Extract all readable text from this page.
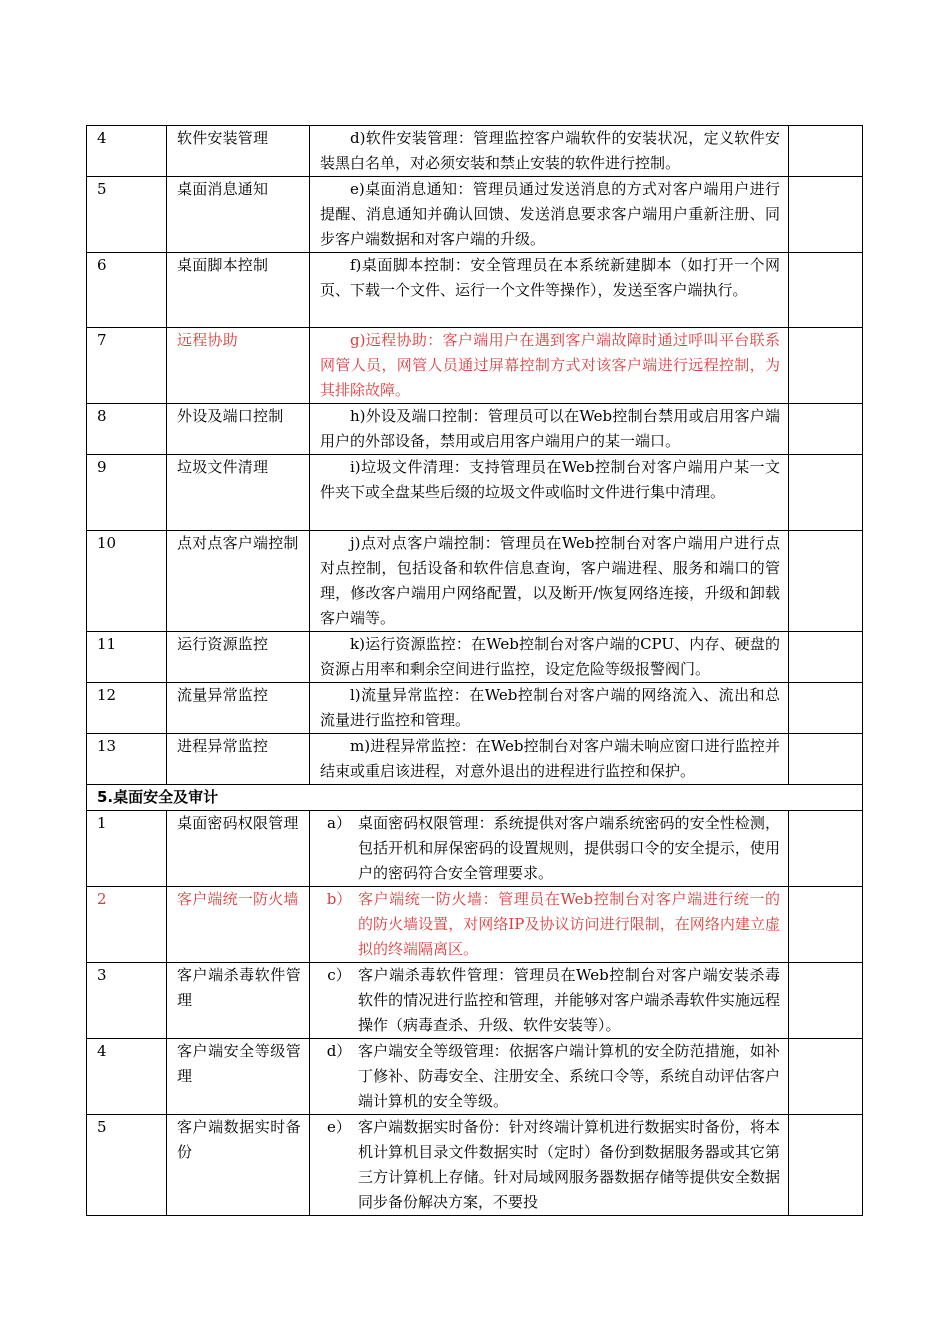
4	软件安装管理	d)软件安装管理：管理监控客户端软件的安装状况，定义软件安装黑白名单，对必须安装和禁止安装的软件进行控制。	
5	桌面消息通知	e)桌面消息通知：管理员通过发送消息的方式对客户端用户进行提醒、消息通知并确认回馈、发送消息要求客户端用户重新注册、同步客户端数据和对客户端的升级。	
6	桌面脚本控制	f)桌面脚本控制：安全管理员在本系统新建脚本（如打开一个网页、下载一个文件、运行一个文件等操作），发送至客户端执行。	
7	远程协助	g)远程协助：客户端用户在遇到客户端故障时通过呼叫平台联系网管人员，网管人员通过屏幕控制方式对该客户端进行远程控制，为其排除故障。	
8	外设及端口控制	h)外设及端口控制：管理员可以在Web控制台禁用或启用客户端用户的外部设备，禁用或启用客户端用户的某一端口。	
9	垃圾文件清理	i)垃圾文件清理：支持管理员在Web控制台对客户端用户某一文件夹下或全盘某些后缀的垃圾文件或临时文件进行集中清理。	
10	点对点客户端控制	j)点对点客户端控制：管理员在Web控制台对客户端用户进行点对点控制，包括设备和软件信息查询，客户端进程、服务和端口的管理，修改客户端用户网络配置，以及断开/恢复网络连接，升级和卸载客户端等。	
11	运行资源监控	k)运行资源监控：在Web控制台对客户端的CPU、内存、硬盘的资源占用率和剩余空间进行监控，设定危险等级报警阀门。	
12	流量异常监控	l)流量异常监控：在Web控制台对客户端的网络流入、流出和总流量进行监控和管理。	
13	进程异常监控	m)进程异常监控：在Web控制台对客户端未响应窗口进行监控并结束或重启该进程，对意外退出的进程进行监控和保护。	
5.桌面安全及审计			
1	桌面密码权限管理	a） 桌面密码权限管理：系统提供对客户端系统密码的安全性检测，包括开机和屏保密码的设置规则，提供弱口令的安全提示，使用户的密码符合安全管理要求。	

2	客户端统一防火墙	b） 客户端统一防火墙：管理员在Web控制台对客户端进行统一的的防火墙设置，对网络IP及协议访问进行限制，在网络内建立虚拟的终端隔离区。	

3	客户端杀毒软件管理	c） 客户端杀毒软件管理：管理员在Web控制台对客户端安装杀毒软件的情况进行监控和管理，并能够对客户端杀毒软件实施远程操作（病毒查杀、升级、软件安装等）。	

4	客户端安全等级管理	d） 客户端安全等级管理：依据客户端计算机的安全防范措施，如补丁修补、防毒安全、注册安全、系统口令等，系统自动评估客户端计算机的安全等级。	

5	客户端数据实时备份	e） 客户端数据实时备份：针对终端计算机进行数据实时备份，将本机计算机目录文件数据实时（定时）备份到数据服务器或其它第三方计算机上存储。针对局域网服务器数据存储等提供安全数据同步备份解决方案，不要投	
